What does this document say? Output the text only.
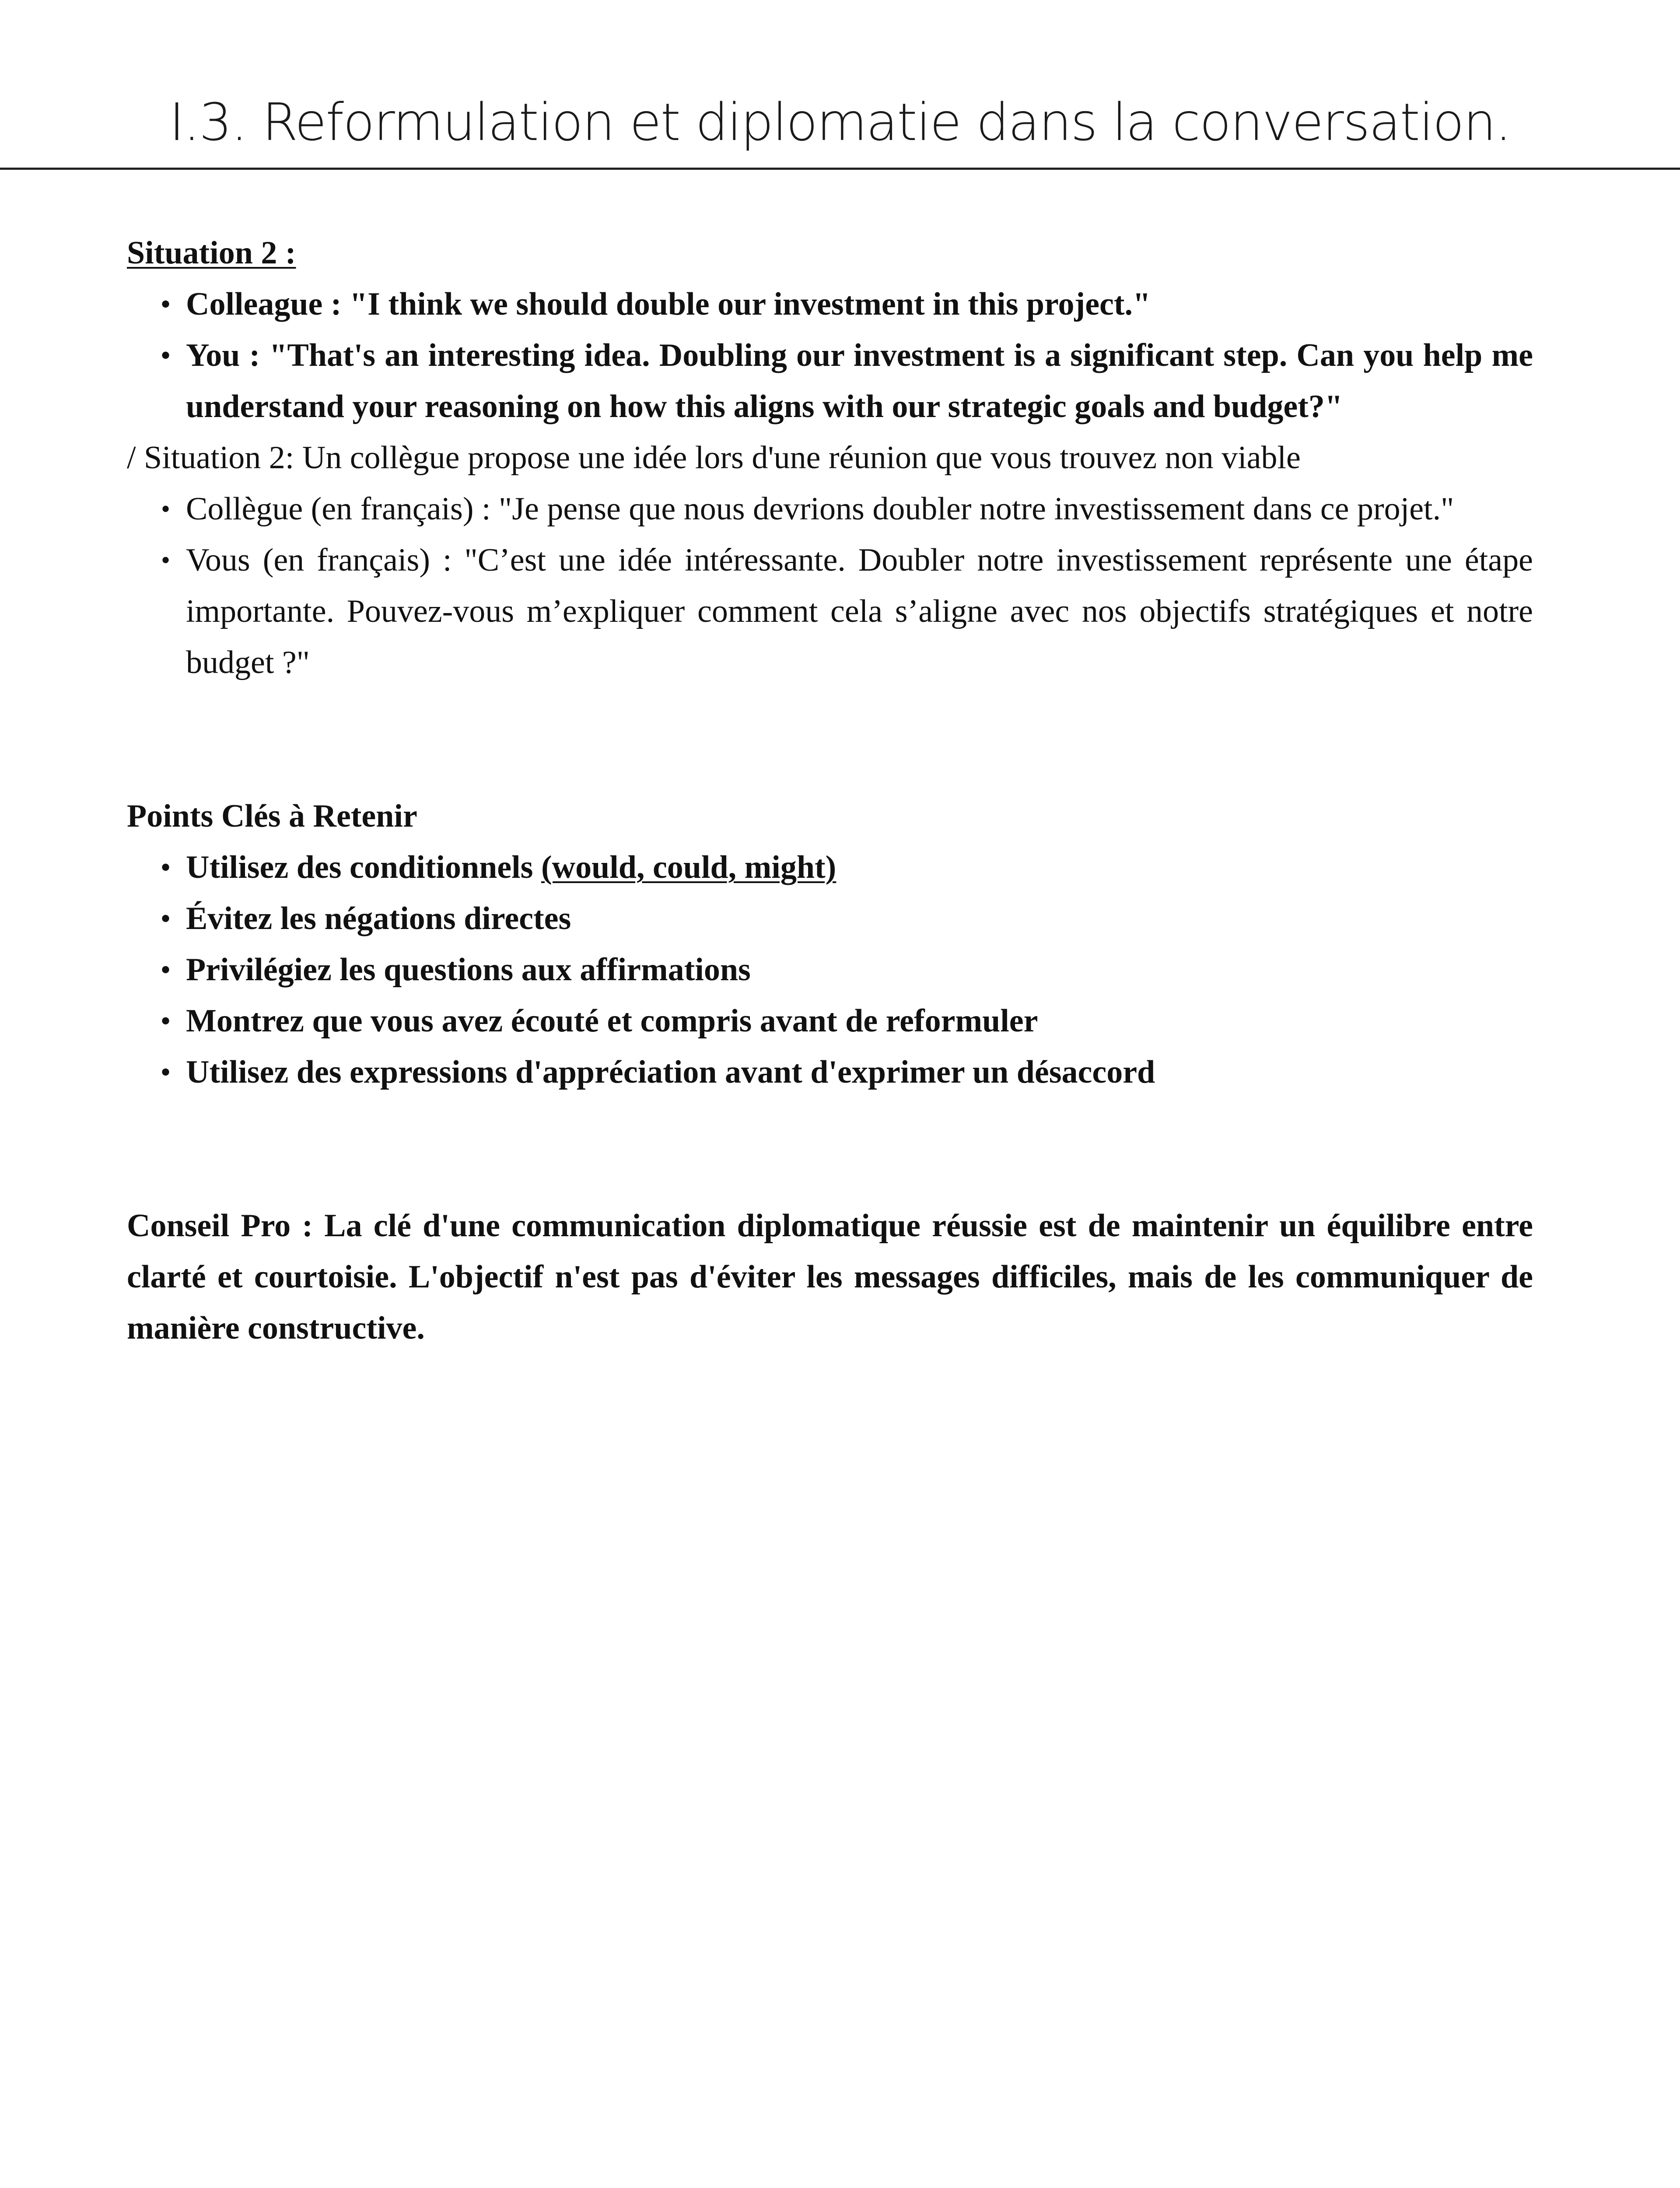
I.3. Reformulation et diplomatie dans la conversation.

Situation 2 :

• Colleague : "I think we should double our investment in this project."
• You : "That's an interesting idea. Doubling our investment is a significant step. Can you help me understand your reasoning on how this aligns with our strategic goals and budget?"

/ Situation 2: Un collègue propose une idée lors d'une réunion que vous trouvez non viable

• Collègue (en français) : "Je pense que nous devrions doubler notre investissement dans ce projet."
• Vous (en français) : "C’est une idée intéressante. Doubler notre investissement représente une étape importante. Pouvez-vous m’expliquer comment cela s’aligne avec nos objectifs stratégiques et notre budget ?"

Points Clés à Retenir

• Utilisez des conditionnels (would, could, might)
• Évitez les négations directes
• Privilégiez les questions aux affirmations
• Montrez que vous avez écouté et compris avant de reformuler
• Utilisez des expressions d'appréciation avant d'exprimer un désaccord

Conseil Pro : La clé d'une communication diplomatique réussie est de maintenir un équilibre entre clarté et courtoisie. L'objectif n'est pas d'éviter les messages difficiles, mais de les communiquer de manière constructive.
